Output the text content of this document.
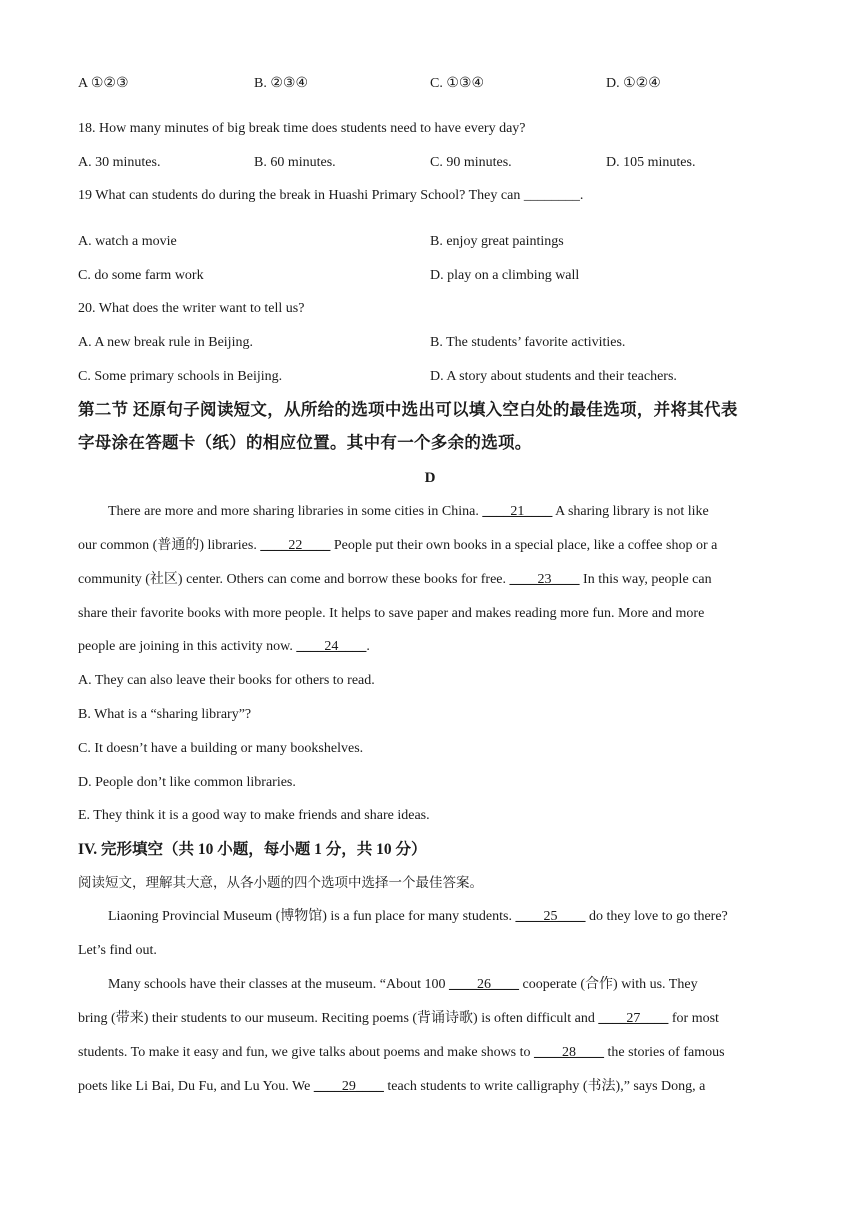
A ①②③	B. ②③④	C. ①③④	D. ①②④
18. How many minutes of big break time does students need to have every day?
A. 30 minutes.	B. 60 minutes.	C. 90 minutes.	D. 105 minutes.
19 What can students do during the break in Huashi Primary School? They can ________.
A. watch a movie	B. enjoy great paintings
C. do some farm work	D. play on a climbing wall
20. What does the writer want to tell us?
A. A new break rule in Beijing.	B. The students’ favorite activities.
C. Some primary schools in Beijing.	D. A story about students and their teachers.
第二节 还原句子阅读短文，从所给的选项中选出可以填入空白处的最佳选项，并将其代表
字母涂在答题卡（纸）的相应位置。其中有一个多余的选项。
D
There are more and more sharing libraries in some cities in China. ____21____ A sharing library is not like
our common (普通的) libraries. ____22____ People put their own books in a special place, like a coffee shop or a
community (社区) center. Others can come and borrow these books for free. ____23____ In this way, people can
share their favorite books with more people. It helps to save paper and makes reading more fun. More and more
people are joining in this activity now. ____24____.
A. They can also leave their books for others to read.
B. What is a “sharing library”?
C. It doesn’t have a building or many bookshelves.
D. People don’t like common libraries.
E. They think it is a good way to make friends and share ideas.
IV. 完形填空（共 10 小题，每小题 1 分，共 10 分）
阅读短文，理解其大意，从各小题的四个选项中选择一个最佳答案。
Liaoning Provincial Museum (博物馆) is a fun place for many students. ____25____ do they love to go there?
Let’s find out.
Many schools have their classes at the museum. “About 100 ____26____ cooperate (合作) with us. They
bring (带来) their students to our museum. Reciting poems (背诵诗歌) is often difficult and ____27____ for most
students. To make it easy and fun, we give talks about poems and make shows to ____28____ the stories of famous
poets like Li Bai, Du Fu, and Lu You. We ____29____ teach students to write calligraphy (书法),” says Dong, a
